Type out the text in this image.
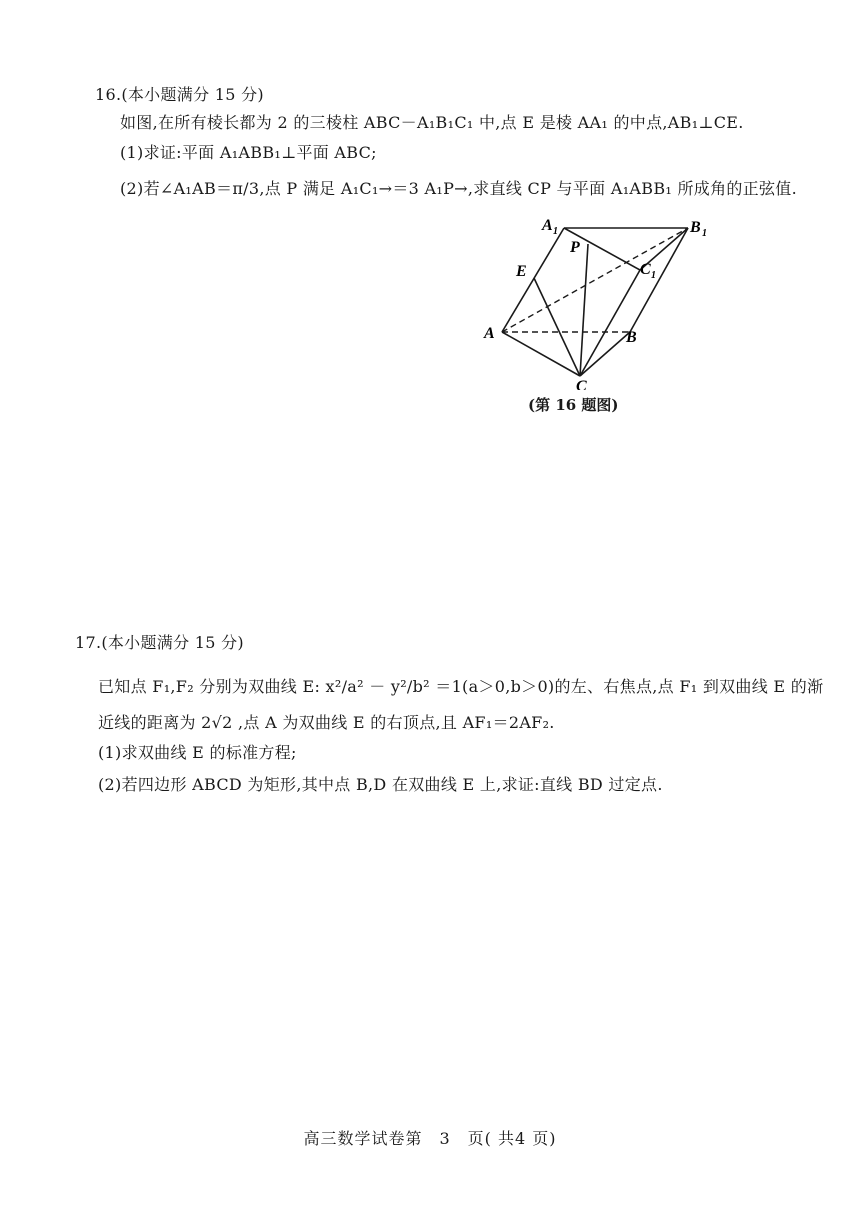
16.(本小题满分 15 分)
如图,在所有棱长都为 2 的三棱柱 ABC－A₁B₁C₁ 中,点 E 是棱 AA₁ 的中点,AB₁⊥CE.
(1)求证:平面 A₁ABB₁⊥平面 ABC;
(2)若∠A₁AB＝π/3,点 P 满足 A₁C₁→＝3 A₁P→,求直线 CP 与平面 A₁ABB₁ 所成角的正弦值.
A 1	B 1
C 1
P
E
A	B
C
(第 16 题图)
17.(本小题满分 15 分)
已知点 F₁,F₂ 分别为双曲线 E: x²/a² － y²/b² ＝1(a＞0,b＞0)的左、右焦点,点 F₁ 到双曲线 E 的渐
近线的距离为 2√2 ,点 A 为双曲线 E 的右顶点,且 AF₁＝2AF₂.
(1)求双曲线 E 的标准方程;
(2)若四边形 ABCD 为矩形,其中点 B,D 在双曲线 E 上,求证:直线 BD 过定点.
高三数学试卷第　3　页( 共4 页)
